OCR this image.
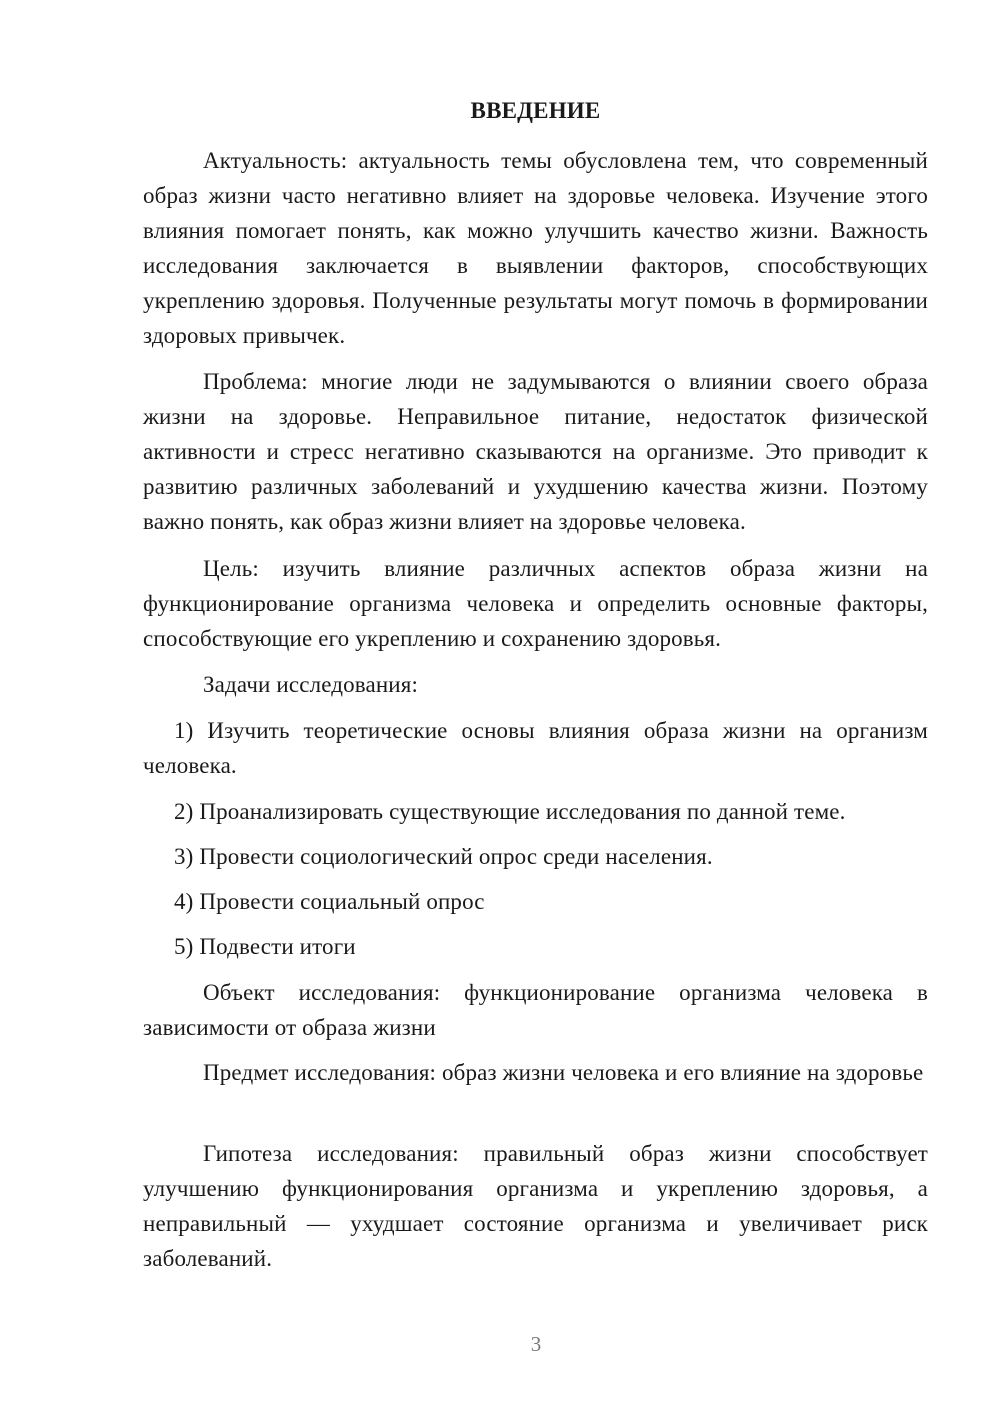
ВВЕДЕНИЕ

Актуальность: актуальность темы обусловлена тем, что современный образ жизни часто негативно влияет на здоровье человека. Изучение этого влияния помогает понять, как можно улучшить качество жизни. Важность исследования заключается в выявлении факторов, способствующих укреплению здоровья. Полученные результаты могут помочь в формировании здоровых привычек.

Проблема: многие люди не задумываются о влиянии своего образа жизни на здоровье. Неправильное питание, недостаток физической активности и стресс негативно сказываются на организме. Это приводит к развитию различных заболеваний и ухудшению качества жизни. Поэтому важно понять, как образ жизни влияет на здоровье человека.

Цель: изучить влияние различных аспектов образа жизни на функционирование организма человека и определить основные факторы, способствующие его укреплению и сохранению здоровья.

Задачи исследования:

1) Изучить теоретические основы влияния образа жизни на организм человека.

2) Проанализировать существующие исследования по данной теме.

3) Провести социологический опрос среди населения.

4) Провести социальный опрос

5) Подвести итоги

Объект исследования: функционирование организма человека в зависимости от образа жизни

Предмет исследования: образ жизни человека и его влияние на здоровье

Гипотеза исследования: правильный образ жизни способствует улучшению функционирования организма и укреплению здоровья, а неправильный — ухудшает состояние организма и увеличивает риск заболеваний.

3
